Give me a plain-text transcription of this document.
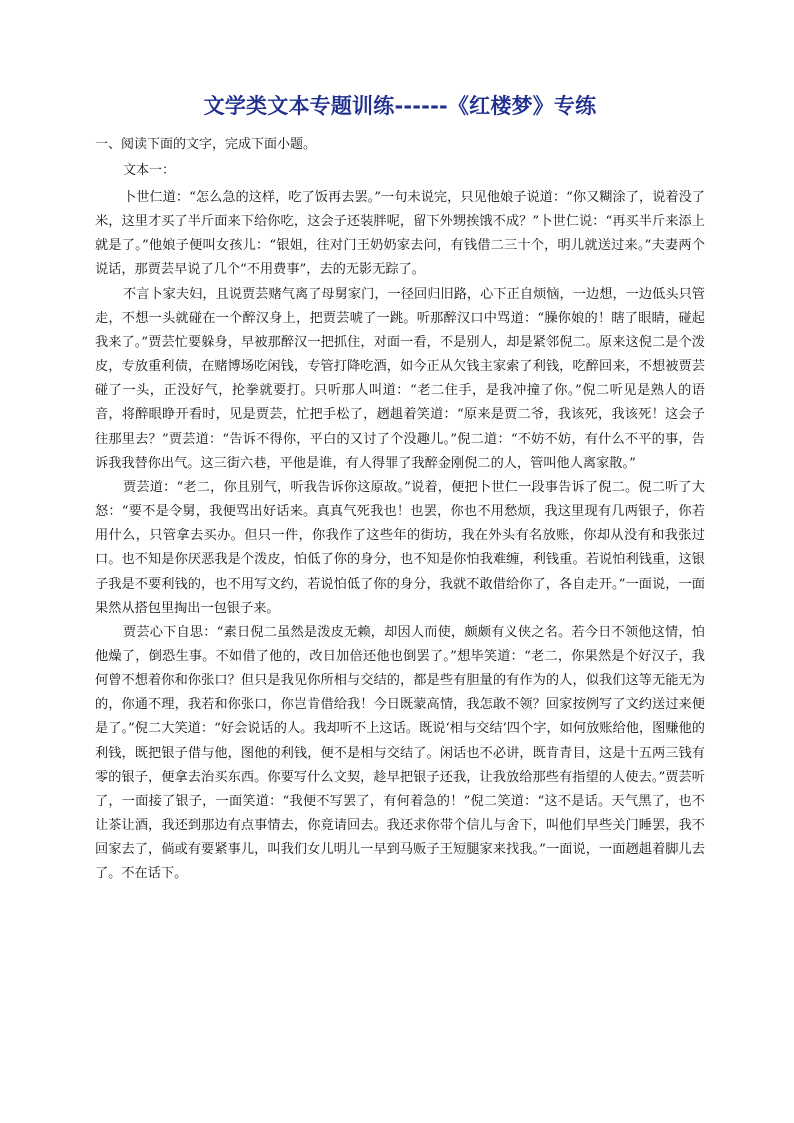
文学类文本专题训练------《红楼梦》专练
一、阅读下面的文字，完成下面小题。
文本一：

卜世仁道：“怎么急的这样，吃了饭再去罢。”一句未说完，只见他娘子说道：“你又糊涂了，说着没了米，这里才买了半斤面来下给你吃，这会子还装胖呢，留下外甥挨饿不成？”卜世仁说：“再买半斤来添上就是了。”他娘子便叫女孩儿：“银姐，往对门王奶奶家去问，有钱借二三十个，明儿就送过来。”夫妻两个说话，那贾芸早说了几个“不用费事”，去的无影无踪了。

不言卜家夫妇，且说贾芸赌气离了母舅家门，一径回归旧路，心下正自烦恼，一边想，一边低头只管走，不想一头就碰在一个醉汉身上，把贾芸唬了一跳。听那醉汉口中骂道：“臊你娘的！瞎了眼睛，碰起我来了。”贾芸忙要躲身，早被那醉汉一把抓住，对面一看，不是别人，却是紧邻倪二。原来这倪二是个泼皮，专放重利债，在赌博场吃闲钱，专管打降吃酒，如今正从欠钱主家索了利钱，吃醉回来，不想被贾芸碰了一头，正没好气，抡拳就要打。只听那人叫道：“老二住手，是我冲撞了你。”倪二听见是熟人的语音，将醉眼睁开看时，见是贾芸，忙把手松了，趔趄着笑道：“原来是贾二爷，我该死，我该死！这会子往那里去？”贾芸道：“告诉不得你，平白的又讨了个没趣儿。”倪二道：“不妨不妨，有什么不平的事，告诉我我替你出气。这三街六巷，平他是谁，有人得罪了我醉金刚倪二的人，管叫他人离家散。”

贾芸道：“老二，你且别气，听我告诉你这原故。”说着，便把卜世仁一段事告诉了倪二。倪二听了大怒：“要不是令舅，我便骂出好话来。真真气死我也！也罢，你也不用愁烦，我这里现有几两银子，你若用什么，只管拿去买办。但只一件，你我作了这些年的街坊，我在外头有名放账，你却从没有和我张过口。也不知是你厌恶我是个泼皮，怕低了你的身分，也不知是你怕我难缠，利钱重。若说怕利钱重，这银子我是不要利钱的，也不用写文约，若说怕低了你的身分，我就不敢借给你了，各自走开。”一面说，一面果然从搭包里掏出一包银子来。

贾芸心下自思：“素日倪二虽然是泼皮无赖，却因人而使，颇颇有义侠之名。若今日不领他这情，怕他燥了，倒恐生事。不如借了他的，改日加倍还他也倒罢了。”想毕笑道：“老二，你果然是个好汉子，我何曾不想着你和你张口？但只是我见你所相与交结的，都是些有胆量的有作为的人，似我们这等无能无为的，你通不理，我若和你张口，你岂肯借给我！今日既蒙高情，我怎敢不领？回家按例写了文约送过来便是了。”倪二大笑道：“好会说话的人。我却听不上这话。既说‘相与交结’四个字，如何放账给他，图赚他的利钱，既把银子借与他，图他的利钱，便不是相与交结了。闲话也不必讲，既肯青目，这是十五两三钱有零的银子，便拿去治买东西。你要写什么文契，趁早把银子还我，让我放给那些有指望的人使去。”贾芸听了，一面接了银子，一面笑道：“我便不写罢了，有何着急的！”倪二笑道：“这不是话。天气黑了，也不让茶让酒，我还到那边有点事情去，你竟请回去。我还求你带个信儿与舍下，叫他们早些关门睡罢，我不回家去了，倘或有要紧事儿，叫我们女儿明儿一早到马贩子王短腿家来找我。”一面说，一面趔趄着脚儿去了。不在话下。
